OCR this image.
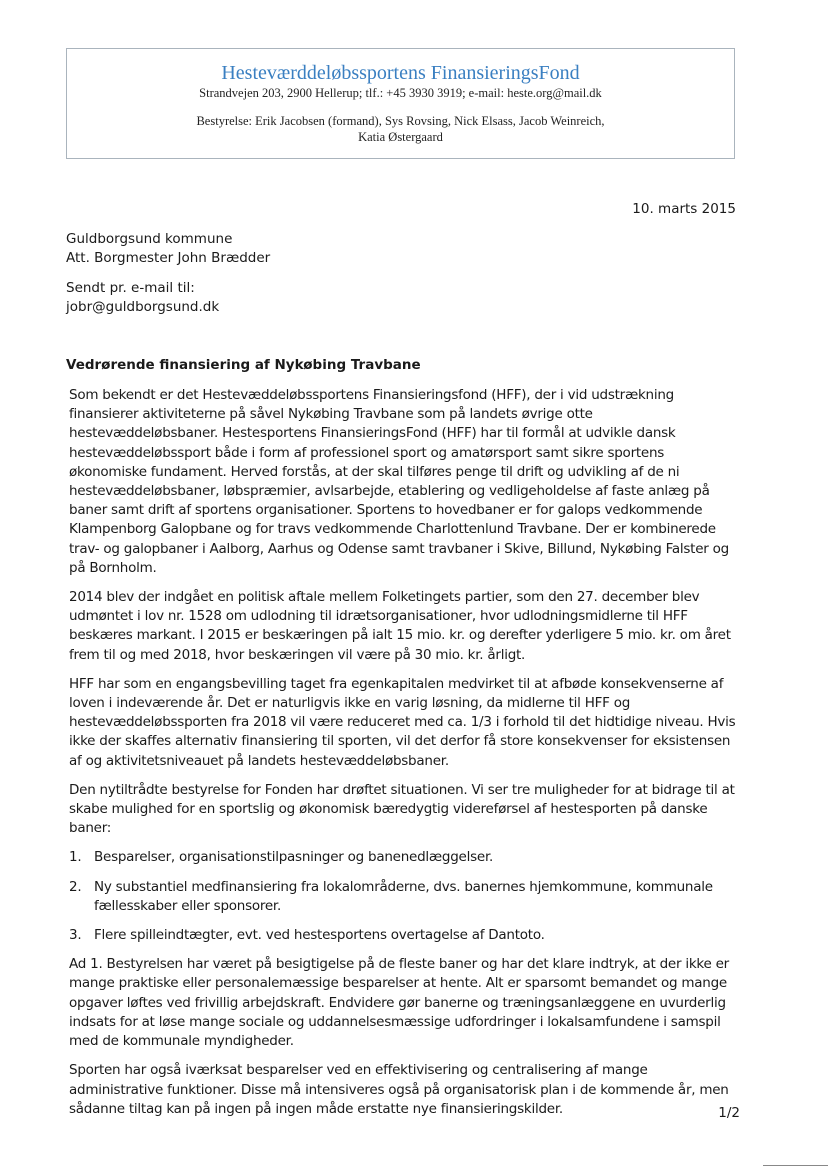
Hesteværddeløbssportens FinansieringsFond
Strandvejen 203, 2900 Hellerup; tlf.: +45 3930 3919; e-mail: heste.org@mail.dk
Bestyrelse: Erik Jacobsen (formand), Sys Rovsing, Nick Elsass, Jacob Weinreich,
Katia Østergaard
10. marts 2015
Guldborgsund kommune
Att. Borgmester John Brædder
Sendt pr. e-mail til:
jobr@guldborgsund.dk
Vedrørende finansiering af Nykøbing Travbane

Som bekendt er det Hestevæddeløbssportens Finansieringsfond (HFF), der i vid udstrækning finansierer aktiviteterne på såvel Nykøbing Travbane som på landets øvrige otte hestevæddeløbsbaner. Hestesportens FinansieringsFond (HFF) har til formål at udvikle dansk hestevæddeløbssport både i form af professionel sport og amatørsport samt sikre sportens økonomiske fundament. Herved forstås, at der skal tilføres penge til drift og udvikling af de ni hestevæddeløbsbaner, løbspræmier, avlsarbejde, etablering og vedligeholdelse af faste anlæg på baner samt drift af sportens organisationer. Sportens to hovedbaner er for galops vedkommende Klampenborg Galopbane og for travs vedkommende Charlottenlund Travbane. Der er kombinerede trav- og galopbaner i Aalborg, Aarhus og Odense samt travbaner i Skive, Billund, Nykøbing Falster og på Bornholm.

2014 blev der indgået en politisk aftale mellem Folketingets partier, som den 27. december blev udmøntet i lov nr. 1528 om udlodning til idrætsorganisationer, hvor udlodningsmidlerne til HFF beskæres markant. I 2015 er beskæringen på ialt 15 mio. kr. og derefter yderligere 5 mio. kr. om året frem til og med 2018, hvor beskæringen vil være på 30 mio. kr. årligt.

HFF har som en engangsbevilling taget fra egenkapitalen medvirket til at afbøde konsekvenserne af loven i indeværende år. Det er naturligvis ikke en varig løsning, da midlerne til HFF og hestevæddeløbssporten fra 2018 vil være reduceret med ca. 1/3 i forhold til det hidtidige niveau. Hvis ikke der skaffes alternativ finansiering til sporten, vil det derfor få store konsekvenser for eksistensen af og aktivitetsniveauet på landets hestevæddeløbsbaner.

Den nytiltrådte bestyrelse for Fonden har drøftet situationen. Vi ser tre muligheder for at bidrage til at skabe mulighed for en sportslig og økonomisk bæredygtig videreførsel af hestesporten på danske baner:

1. Besparelser, organisationstilpasninger og banenedlæggelser.
2. Ny substantiel medfinansiering fra lokalområderne, dvs. banernes hjemkommune, kommunale fællesskaber eller sponsorer.
3. Flere spilleindtægter, evt. ved hestesportens overtagelse af Dantoto.

Ad 1. Bestyrelsen har været på besigtigelse på de fleste baner og har det klare indtryk, at der ikke er mange praktiske eller personalemæssige besparelser at hente. Alt er sparsomt bemandet og mange opgaver løftes ved frivillig arbejdskraft. Endvidere gør banerne og træningsanlæggene en uvurderlig indsats for at løse mange sociale og uddannelsesmæssige udfordringer i lokalsamfundene i samspil med de kommunale myndigheder.

Sporten har også iværksat besparelser ved en effektivisering og centralisering af mange administrative funktioner. Disse må intensiveres også på organisatorisk plan i de kommende år, men sådanne tiltag kan på ingen på ingen måde erstatte nye finansieringskilder.	1/2
